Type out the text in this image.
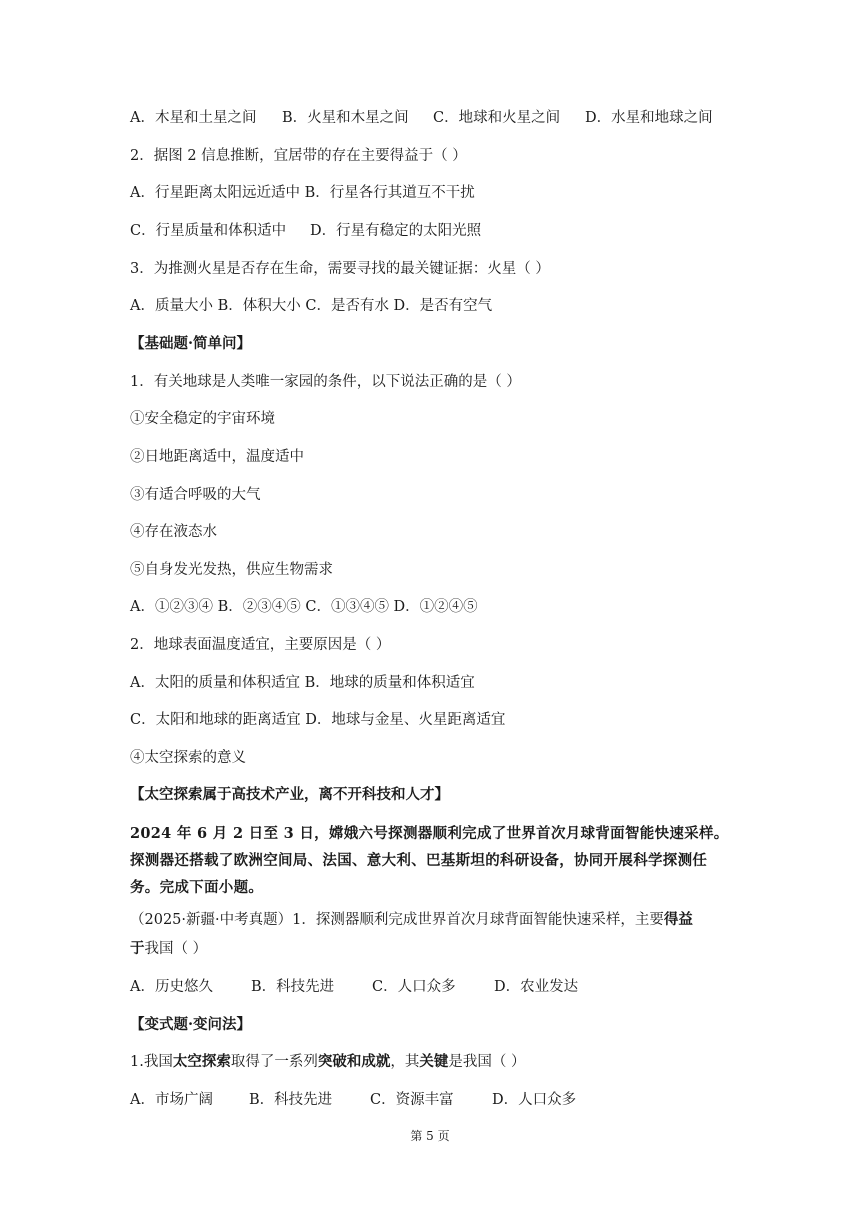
A．木星和土星之间 B．火星和木星之间 C．地球和火星之间 D．水星和地球之间
2．据图 2 信息推断，宜居带的存在主要得益于（ ）
A．行星距离太阳远近适中 B．行星各行其道互不干扰
C．行星质量和体积适中 D．行星有稳定的太阳光照
3．为推测火星是否存在生命，需要寻找的最关键证据：火星（ ）
A．质量大小 B．体积大小 C．是否有水 D．是否有空气
【基础题·简单问】
1．有关地球是人类唯一家园的条件，以下说法正确的是（ ）
①安全稳定的宇宙环境
②日地距离适中，温度适中
③有适合呼吸的大气
④存在液态水
⑤自身发光发热，供应生物需求
A．①②③④ B．②③④⑤ C．①③④⑤ D．①②④⑤
2．地球表面温度适宜，主要原因是（ ）
A．太阳的质量和体积适宜 B．地球的质量和体积适宜
C．太阳和地球的距离适宜 D．地球与金星、火星距离适宜
④太空探索的意义
【太空探索属于高技术产业，离不开科技和人才】
2024 年 6 月 2 日至 3 日，嫦娥六号探测器顺利完成了世界首次月球背面智能快速采样。探测器还搭载了欧洲空间局、法国、意大利、巴基斯坦的科研设备，协同开展科学探测任务。完成下面小题。
（2025·新疆·中考真题）1．探测器顺利完成世界首次月球背面智能快速采样，主要得益
于我国（ ）
A．历史悠久	B．科技先进	C．人口众多	D．农业发达
【变式题·变问法】
1.我国太空探索取得了一系列突破和成就，其关键是我国（ ）
A．市场广阔 B．科技先进	C．资源丰富	D．人口众多
第 5 页
